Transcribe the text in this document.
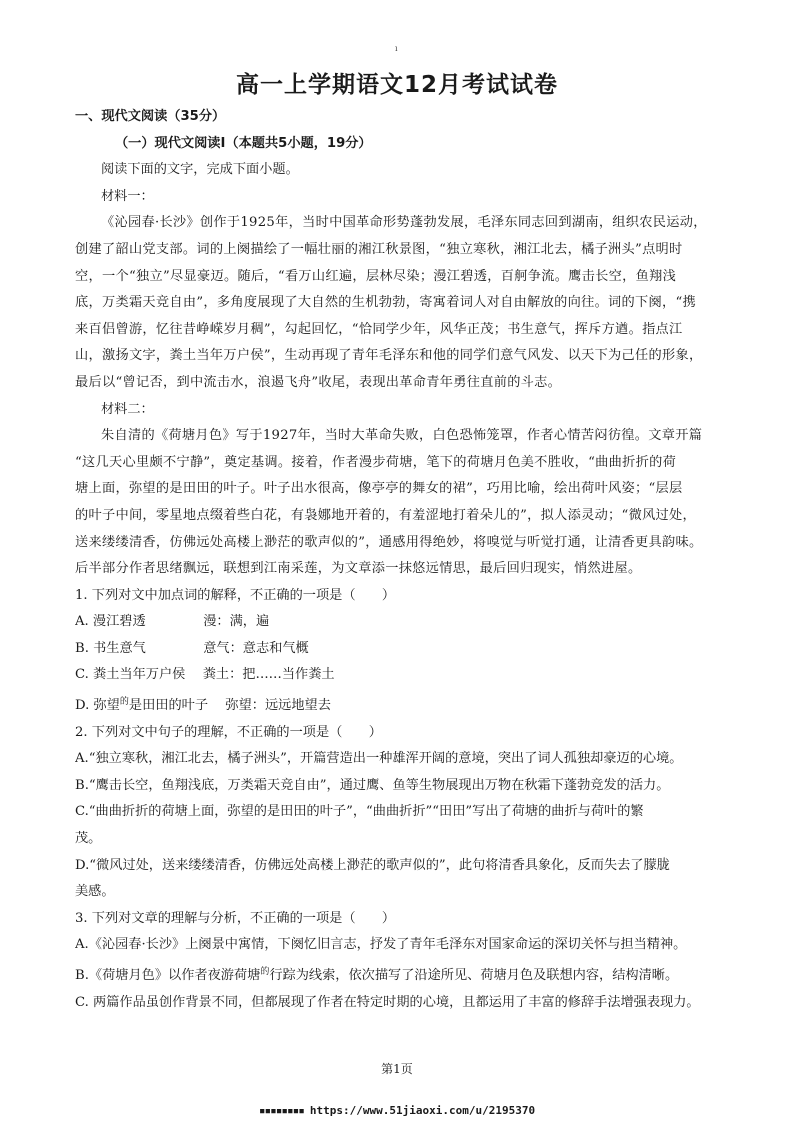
ı
高一上学期语文12月考试试卷

一、现代文阅读（35分）

（一）现代文阅读Ⅰ（本题共5小题，19分）

阅读下面的文字，完成下面小题。

材料一：

《沁园春·长沙》创作于1925年，当时中国革命形势蓬勃发展，毛泽东同志回到湖南，组织农民运动，

创建了韶山党支部。词的上阕描绘了一幅壮丽的湘江秋景图，“独立寒秋，湘江北去，橘子洲头”点明时

空，一个“独立”尽显豪迈。随后，“看万山红遍，层林尽染；漫江碧透，百舸争流。鹰击长空，鱼翔浅

底，万类霜天竞自由”，多角度展现了大自然的生机勃勃，寄寓着词人对自由解放的向往。词的下阕，“携

来百侣曾游，忆往昔峥嵘岁月稠”，勾起回忆，“恰同学少年，风华正茂；书生意气，挥斥方遒。指点江

山，激扬文字，粪土当年万户侯”，生动再现了青年毛泽东和他的同学们意气风发、以天下为己任的形象，

最后以“曾记否，到中流击水，浪遏飞舟”收尾，表现出革命青年勇往直前的斗志。

材料二：

朱自清的《荷塘月色》写于1927年，当时大革命失败，白色恐怖笼罩，作者心情苦闷彷徨。文章开篇

“这几天心里颇不宁静”，奠定基调。接着，作者漫步荷塘，笔下的荷塘月色美不胜收，“曲曲折折的荷

塘上面，弥望的是田田的叶子。叶子出水很高，像亭亭的舞女的裙”，巧用比喻，绘出荷叶风姿；“层层

的叶子中间，零星地点缀着些白花，有袅娜地开着的，有羞涩地打着朵儿的”，拟人添灵动；“微风过处，

送来缕缕清香，仿佛远处高楼上渺茫的歌声似的”，通感用得绝妙，将嗅觉与听觉打通，让清香更具韵味。

后半部分作者思绪飘远，联想到江南采莲，为文章添一抹悠远情思，最后回归现实，悄然进屋。

1. 下列对文中加点词的解释，不正确的一项是（　　）

A. 漫江碧透	漫：满，遍

B. 书生意气	意气：意志和气概

C. 粪土当年万户侯　 粪土：把……当作粪土

D. 弥望$^的$是田田的叶子　 弥望：远远地望去

2. 下列对文中句子的理解，不正确的一项是（　　）

A.“独立寒秋，湘江北去，橘子洲头”，开篇营造出一种雄浑开阔的意境，突出了词人孤独却豪迈的心境。

B.“鹰击长空，鱼翔浅底，万类霜天竞自由”，通过鹰、鱼等生物展现出万物在秋霜下蓬勃竞发的活力。

C.“曲曲折折的荷塘上面，弥望的是田田的叶子”，“曲曲折折”“田田”写出了荷塘的曲折与荷叶的繁

茂。

D.“微风过处，送来缕缕清香，仿佛远处高楼上渺茫的歌声似的”，此句将清香具象化，反而失去了朦胧

美感。

3. 下列对文章的理解与分析，不正确的一项是（　　）

A.《沁园春·长沙》上阕景中寓情，下阕忆旧言志，抒发了青年毛泽东对国家命运的深切关怀与担当精神。

B.《荷塘月色》以作者夜游荷塘$^的$行踪为线索，依次描写了沿途所见、荷塘月色及联想内容，结构清晰。

C. 两篇作品虽创作背景不同，但都展现了作者在特定时期的心境，且都运用了丰富的修辞手法增强表现力。

第1页
▪▪▪▪▪▪▪▪ https://www.51jiaoxi.com/u/2195370
